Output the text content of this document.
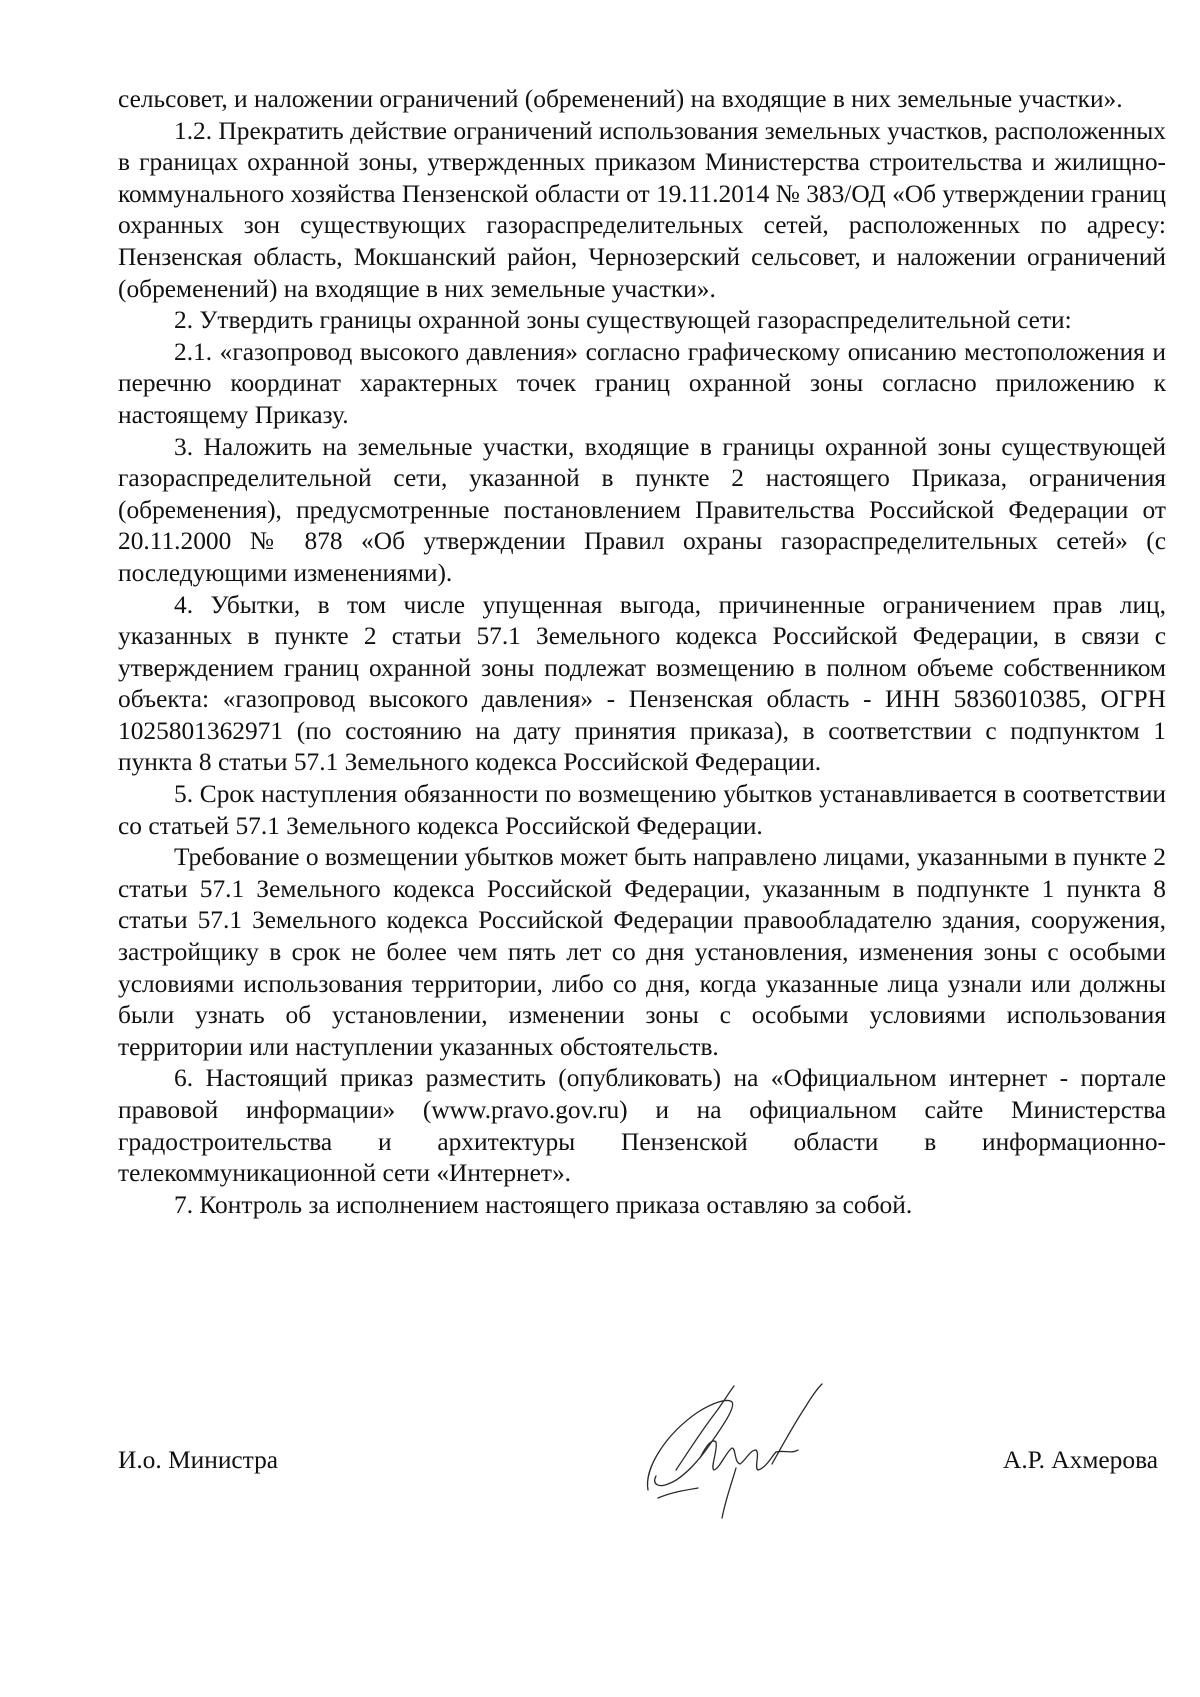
сельсовет, и наложении ограничений (обременений) на входящие в них земельные участки».

1.2. Прекратить действие ограничений использования земельных участков, расположенных в границах охранной зоны, утвержденных приказом Министерства строительства и жилищно-коммунального хозяйства Пензенской области от 19.11.2014 № 383/ОД «Об утверждении границ охранных зон существующих газораспределительных сетей, расположенных по адресу: Пензенская область, Мокшанский район, Чернозерский сельсовет, и наложении ограничений (обременений) на входящие в них земельные участки».

2. Утвердить границы охранной зоны существующей газораспределительной сети:

2.1. «газопровод высокого давления» согласно графическому описанию местоположения и перечню координат характерных точек границ охранной зоны согласно приложению к настоящему Приказу.

3. Наложить на земельные участки, входящие в границы охранной зоны существующей газораспределительной сети, указанной в пункте 2 настоящего Приказа, ограничения (обременения), предусмотренные постановлением Правительства Российской Федерации от 20.11.2000 № 878 «Об утверждении Правил охраны газораспределительных сетей» (с последующими изменениями).

4. Убытки, в том числе упущенная выгода, причиненные ограничением прав лиц, указанных в пункте 2 статьи 57.1 Земельного кодекса Российской Федерации, в связи с утверждением границ охранной зоны подлежат возмещению в полном объеме собственником объекта: «газопровод высокого давления» - Пензенская область - ИНН 5836010385, ОГРН 1025801362971 (по состоянию на дату принятия приказа), в соответствии с подпунктом 1 пункта 8 статьи 57.1 Земельного кодекса Российской Федерации.

5. Срок наступления обязанности по возмещению убытков устанавливается в соответствии со статьей 57.1 Земельного кодекса Российской Федерации.

Требование о возмещении убытков может быть направлено лицами, указанными в пункте 2 статьи 57.1 Земельного кодекса Российской Федерации, указанным в подпункте 1 пункта 8 статьи 57.1 Земельного кодекса Российской Федерации правообладателю здания, сооружения, застройщику в срок не более чем пять лет со дня установления, изменения зоны с особыми условиями использования территории, либо со дня, когда указанные лица узнали или должны были узнать об установлении, изменении зоны с особыми условиями использования территории или наступлении указанных обстоятельств.

6. Настоящий приказ разместить (опубликовать) на «Официальном интернет - портале правовой информации» (www.pravo.gov.ru) и на официальном сайте Министерства градостроительства и архитектуры Пензенской области в информационно-телекоммуникационной сети «Интернет».

7. Контроль за исполнением настоящего приказа оставляю за собой.

И.о. Министра	А.Р. Ахмерова
